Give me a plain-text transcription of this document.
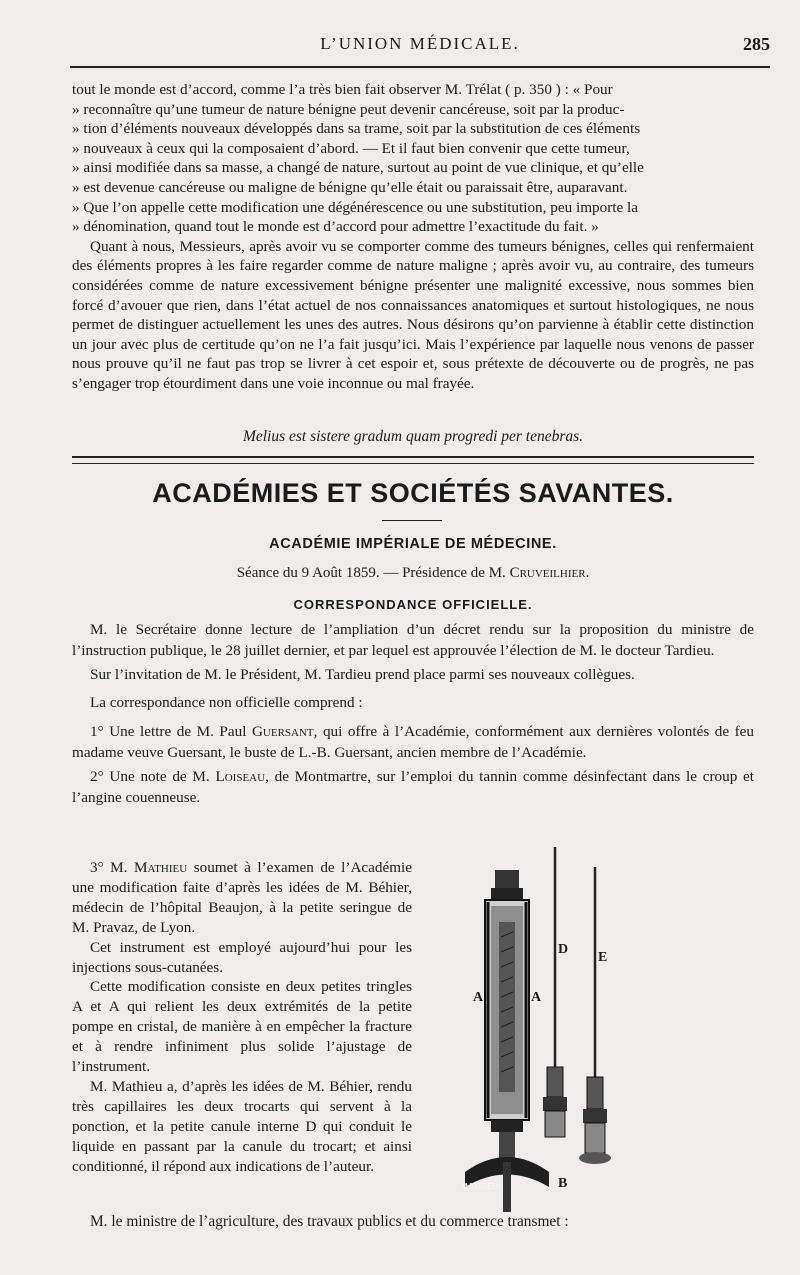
L’UNION MÉDICALE.	285

tout le monde est d’accord, comme l’a très bien fait observer M. Trélat ( p. 350 ) : « Pour
» reconnaître qu’une tumeur de nature bénigne peut devenir cancéreuse, soit par la produc-
» tion d’éléments nouveaux développés dans sa trame, soit par la substitution de ces éléments
» nouveaux à ceux qui la composaient d’abord. — Et il faut bien convenir que cette tumeur,
» ainsi modifiée dans sa masse, a changé de nature, surtout au point de vue clinique, et qu’elle
» est devenue cancéreuse ou maligne de bénigne qu’elle était ou paraissait être, auparavant.
» Que l’on appelle cette modification une dégénérescence ou une substitution, peu importe la
» dénomination, quand tout le monde est d’accord pour admettre l’exactitude du fait. »

Quant à nous, Messieurs, après avoir vu se comporter comme des tumeurs bénignes, celles qui renfermaient des éléments propres à les faire regarder comme de nature maligne ; après avoir vu, au contraire, des tumeurs considérées comme de nature excessivement bénigne présenter une malignité excessive, nous sommes bien forcé d’avouer que rien, dans l’état actuel de nos connaissances anatomiques et surtout histologiques, ne nous permet de distinguer actuellement les unes des autres. Nous désirons qu’on parvienne à établir cette distinction un jour avec plus de certitude qu’on ne l’a fait jusqu’ici. Mais l’expérience par laquelle nous venons de passer nous prouve qu’il ne faut pas trop se livrer à cet espoir et, sous prétexte de découverte ou de progrès, ne pas s’engager trop étourdiment dans une voie inconnue ou mal frayée.

Melius est sistere gradum quam progredi per tenebras.
ACADÉMIES ET SOCIÉTÉS SAVANTES.
ACADÉMIE IMPÉRIALE DE MÉDECINE.
Séance du 9 Août 1859. — Présidence de M. Cruveilhier.
CORRESPONDANCE OFFICIELLE.

M. le Secrétaire donne lecture de l’ampliation d’un décret rendu sur la proposition du ministre de l’instruction publique, le 28 juillet dernier, et par lequel est approuvée l’élection de M. le docteur Tardieu.

Sur l’invitation de M. le Président, M. Tardieu prend place parmi ses nouveaux collègues.

La correspondance non officielle comprend :

1° Une lettre de M. Paul Guersant, qui offre à l’Académie, conformément aux dernières volontés de feu madame veuve Guersant, le buste de L.-B. Guersant, ancien membre de l’Académie.

2° Une note de M. Loiseau, de Montmartre, sur l’emploi du tannin comme désinfectant dans le croup et l’angine couenneuse.

3° M. Mathieu soumet à l’examen de l’Académie une modification faite d’après les idées de M. Béhier, médecin de l’hôpital Beaujon, à la petite seringue de M. Pravaz, de Lyon.

Cet instrument est employé aujourd’hui pour les injections sous-cutanées.

Cette modification consiste en deux petites tringles A et A qui relient les deux extrémités de la petite pompe en cristal, de manière à en empêcher la fracture et à rendre infiniment plus solide l’ajustage de l’instrument.

M. Mathieu a, d’après les idées de M. Béhier, rendu très capillaires les deux trocarts qui servent à la ponction, et la petite canule interne D qui conduit le liquide en passant par la canule du trocart; et ainsi conditionné, il répond aux indications de l’auteur.

A	A
D
E
B
MATHIEU
M. le ministre de l’agriculture, des travaux publics et du commerce transmet :
